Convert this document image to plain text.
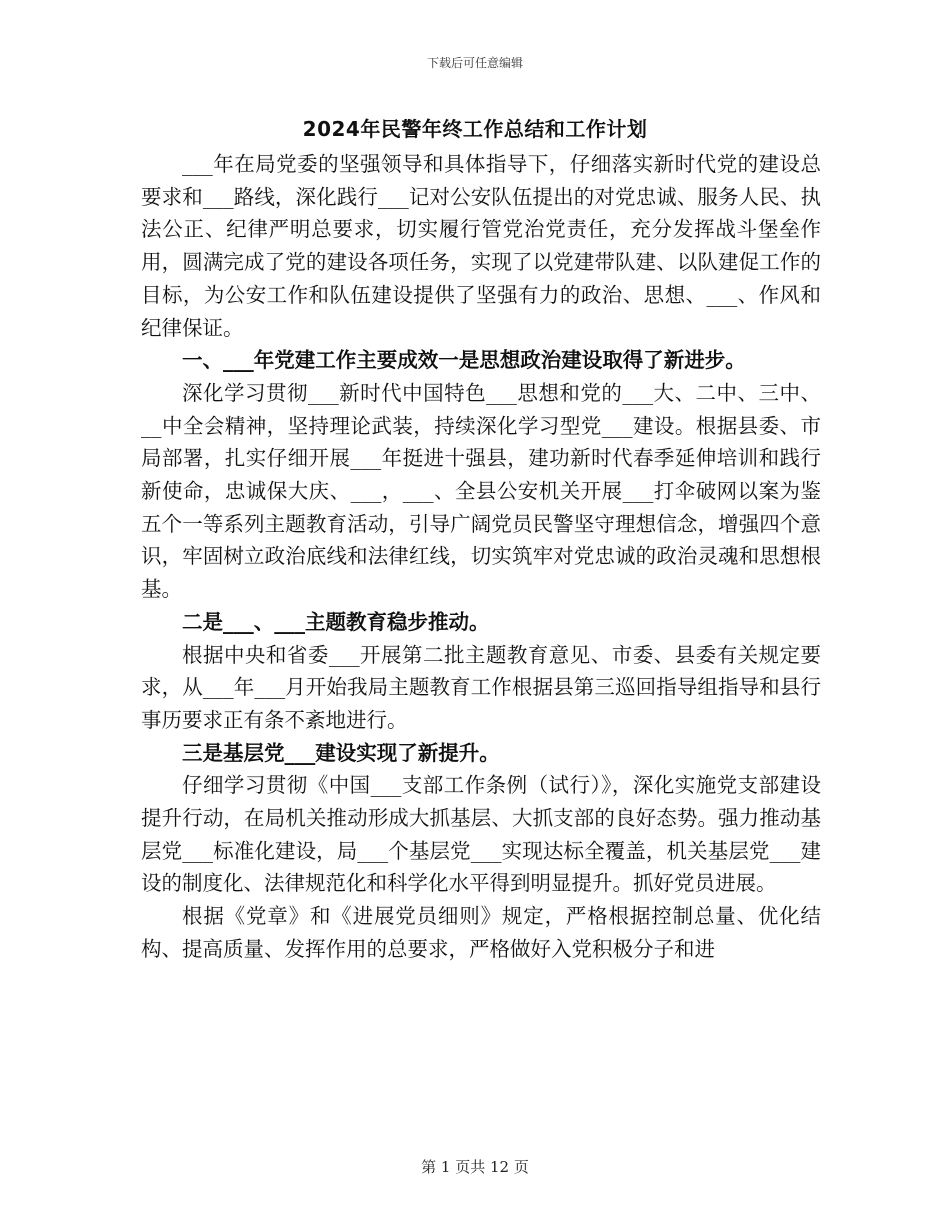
下载后可任意编辑
2024年民警年终工作总结和工作计划

___年在局党委的坚强领导和具体指导下，仔细落实新时代党的建设总要求和___路线，深化践行___记对公安队伍提出的对党忠诚、服务人民、执法公正、纪律严明总要求，切实履行管党治党责任，充分发挥战斗堡垒作用，圆满完成了党的建设各项任务，实现了以党建带队建、以队建促工作的目标，为公安工作和队伍建设提供了坚强有力的政治、思想、___、作风和纪律保证。

一、___年党建工作主要成效一是思想政治建设取得了新进步。

深化学习贯彻___新时代中国特色___思想和党的___大、二中、三中、__中全会精神，坚持理论武装，持续深化学习型党___建设。根据县委、市局部署，扎实仔细开展___年挺进十强县，建功新时代春季延伸培训和践行新使命，忠诚保大庆、___，___、全县公安机关开展___打伞破网以案为鉴五个一等系列主题教育活动，引导广阔党员民警坚守理想信念，增强四个意识，牢固树立政治底线和法律红线，切实筑牢对党忠诚的政治灵魂和思想根基。

二是___、___主题教育稳步推动。

根据中央和省委___开展第二批主题教育意见、市委、县委有关规定要求，从___年___月开始我局主题教育工作根据县第三巡回指导组指导和县行事历要求正有条不紊地进行。

三是基层党___建设实现了新提升。

仔细学习贯彻《中国___支部工作条例（试行）》，深化实施党支部建设提升行动，在局机关推动形成大抓基层、大抓支部的良好态势。强力推动基层党___标准化建设，局___个基层党___实现达标全覆盖，机关基层党___建设的制度化、法律规范化和科学化水平得到明显提升。抓好党员进展。

根据《党章》和《进展党员细则》规定，严格根据控制总量、优化结构、提高质量、发挥作用的总要求，严格做好入党积极分子和进

第 1 页共 12 页
